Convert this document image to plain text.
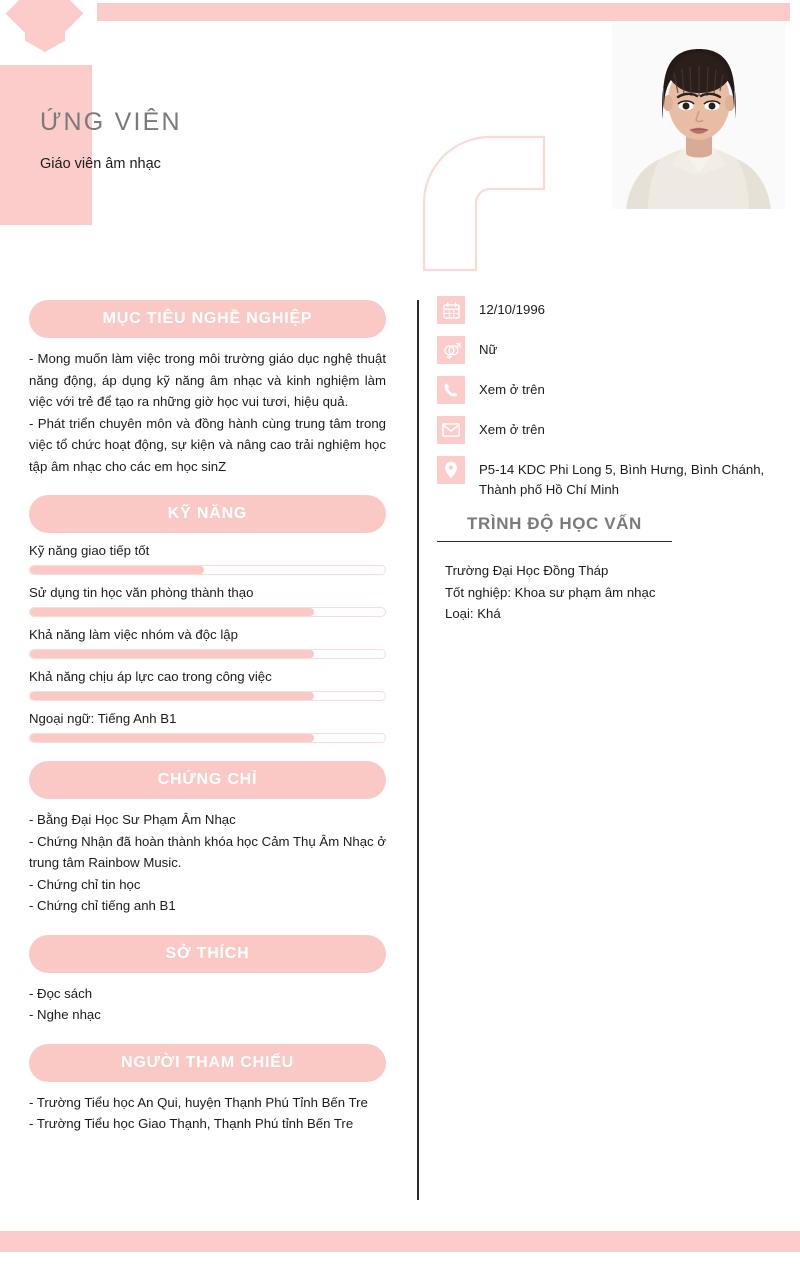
ỨNG VIÊN
Giáo viên âm nhạc
MỤC TIÊU NGHỀ NGHIỆP

- Mong muốn làm việc trong môi trường giáo dục nghệ thuật năng động, áp dụng kỹ năng âm nhạc và kinh nghiệm làm việc với trẻ để tạo ra những giờ học vui tươi, hiệu quả.

- Phát triển chuyên môn và đồng hành cùng trung tâm trong việc tổ chức hoạt động, sự kiện và nâng cao trải nghiệm học tập âm nhạc cho các em học sinZ

KỸ NĂNG
Kỹ năng giao tiếp tốt
Sử dụng tin học văn phòng thành thạo
Khả năng làm việc nhóm và độc lập
Khả năng chịu áp lực cao trong công việc
Ngoại ngữ: Tiếng Anh B1
CHỨNG CHỈ

- Bằng Đại Học Sư Phạm Âm Nhạc

- Chứng Nhận đã hoàn thành khóa học Cảm Thụ Âm Nhạc ở trung tâm Rainbow Music.

- Chứng chỉ tin học

- Chứng chỉ tiếng anh B1

SỞ THÍCH

- Đọc sách

- Nghe nhạc

NGƯỜI THAM CHIẾU

- Trường Tiểu học An Qui, huyện Thạnh Phú Tỉnh Bến Tre

- Trường Tiểu học Giao Thạnh, Thạnh Phú tỉnh Bến Tre

12/10/1996
Nữ
Xem ở trên
Xem ở trên
P5-14 KDC Phi Long 5, Bình Hưng, Bình Chánh, Thành phố Hồ Chí Minh
TRÌNH ĐỘ HỌC VẤN

Trường Đại Học Đồng Tháp

Tốt nghiệp: Khoa sư phạm âm nhạc

Loại: Khá
